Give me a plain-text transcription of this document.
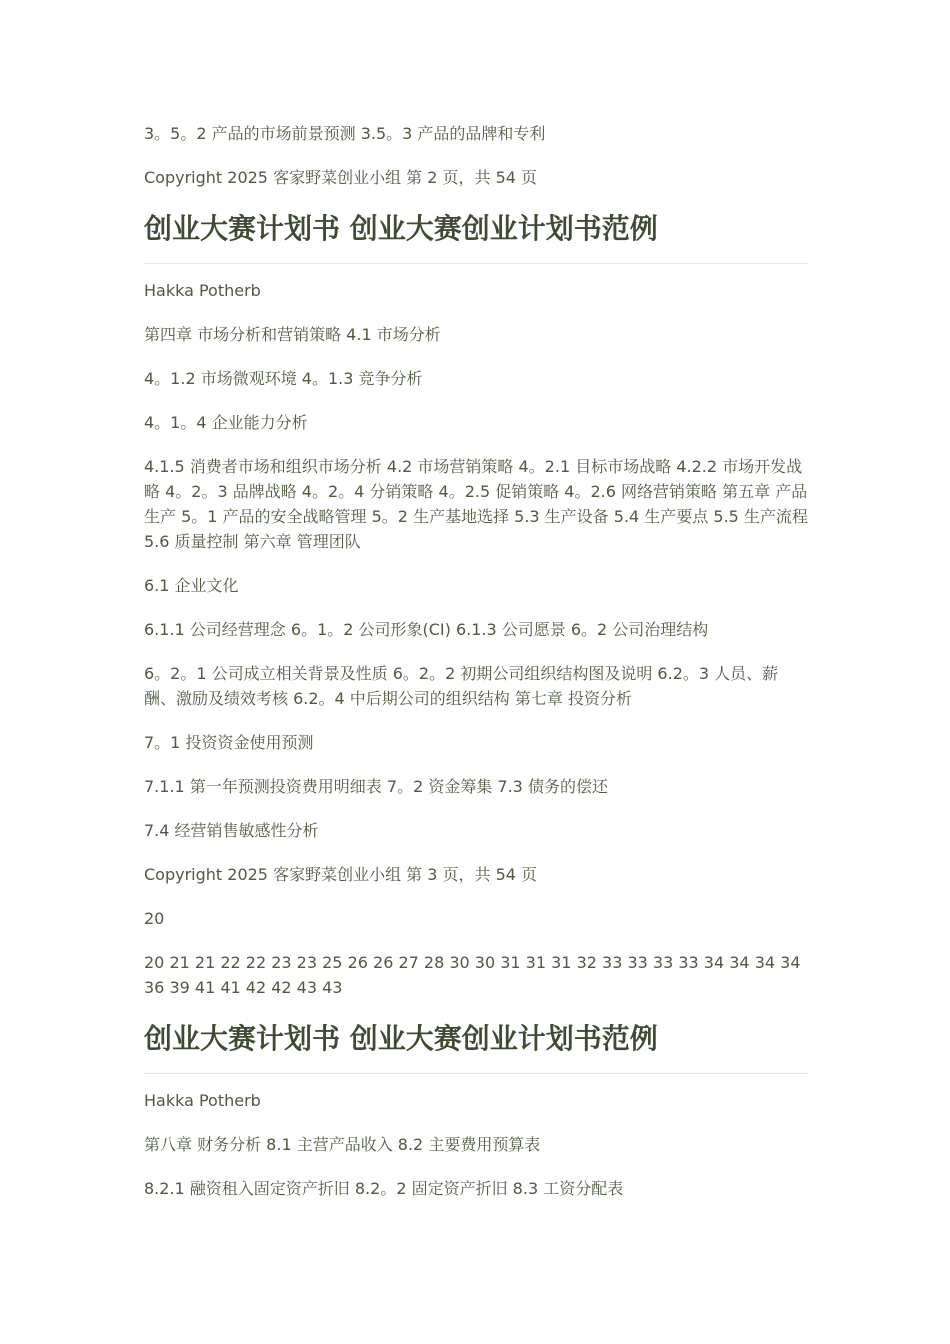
3。5。2 产品的市场前景预测 3.5。3 产品的品牌和专利

Copyright 2025 客家野菜创业小组 第 2 页，共 54 页

创业大赛计划书 创业大赛创业计划书范例

Hakka Potherb

第四章 市场分析和营销策略 4.1 市场分析

4。1.2 市场微观环境 4。1.3 竞争分析

4。1。4 企业能力分析

4.1.5 消费者市场和组织市场分析 4.2 市场营销策略 4。2.1 目标市场战略 4.2.2 市场开发战略 4。2。3 品牌战略 4。2。4 分销策略 4。2.5 促销策略 4。2.6 网络营销策略 第五章 产品生产 5。1 产品的安全战略管理 5。2 生产基地选择 5.3 生产设备 5.4 生产要点 5.5 生产流程 5.6 质量控制 第六章 管理团队

6.1 企业文化

6.1.1 公司经营理念 6。1。2 公司形象(CI) 6.1.3 公司愿景 6。2 公司治理结构

6。2。1 公司成立相关背景及性质 6。2。2 初期公司组织结构图及说明 6.2。3 人员、薪酬、激励及绩效考核 6.2。4 中后期公司的组织结构 第七章 投资分析

7。1 投资资金使用预测

7.1.1 第一年预测投资费用明细表 7。2 资金筹集 7.3 债务的偿还

7.4 经营销售敏感性分析

Copyright 2025 客家野菜创业小组 第 3 页，共 54 页

20

20 21 21 22 22 23 23 25 26 26 27 28 30 30 31 31 31 32 33 33 33 33 34 34 34 34 36 39 41 41 42 42 43 43

创业大赛计划书 创业大赛创业计划书范例

Hakka Potherb

第八章 财务分析 8.1 主营产品收入 8.2 主要费用预算表

8.2.1 融资租入固定资产折旧 8.2。2 固定资产折旧 8.3 工资分配表
